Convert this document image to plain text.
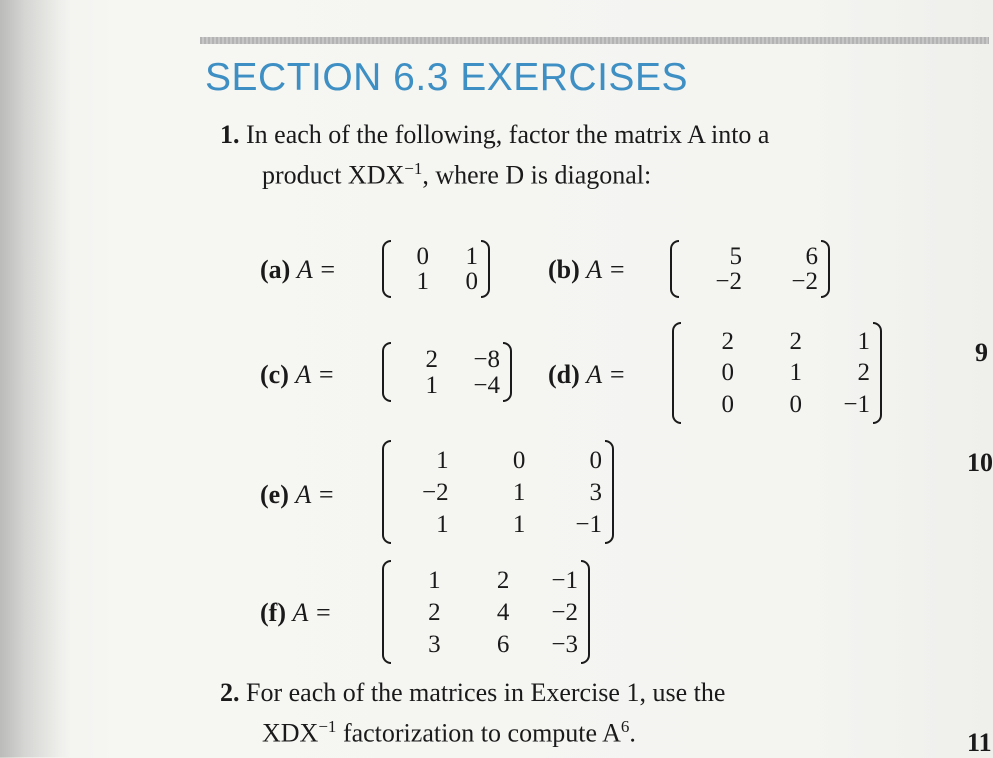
SECTION 6.3 EXERCISES
1. In each of the following, factor the matrix A into a
product $XDX^{-1}$, where D is diagonal:
(a) A =	0 1
1 0	(b) A =	5	6
−2 −2
(c) A =
2 −8
1 −4 (d) A =
2 2 1
0 1 2
0 0 −1
(e) A =
1	0	0
−2	1	3
1	1 −1
(f) A =
1 2 −1
2 4 −2
3 6 −3
2. For each of the matrices in Exercise 1, use the
$XDX^{-1}$ factorization to compute $A^6$.
9
10
11
